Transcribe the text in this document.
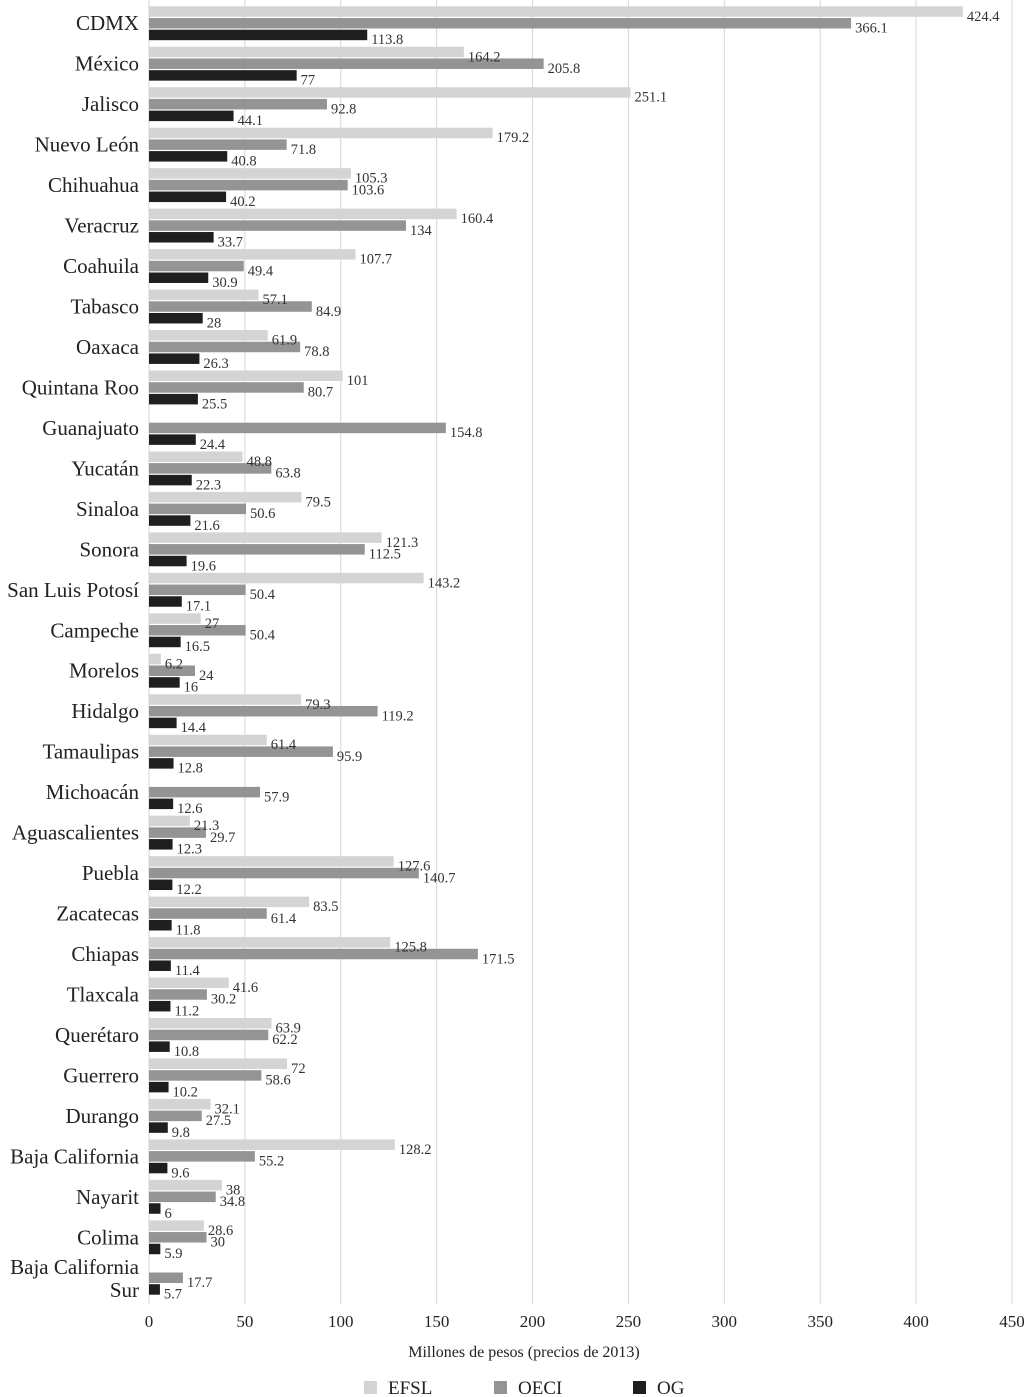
424.4
366.1
113.8
164.2
205.8
77
251.1
92.8
44.1
179.2
71.8
40.8
105.3
103.6
40.2
160.4
134
33.7
107.7
49.4
30.9
57.1
84.9
28
61.9
78.8
26.3
101
80.7
25.5
154.8
24.4
48.8
63.8
22.3
79.5
50.6
21.6
121.3
112.5
19.6
143.2
50.4
17.1
27
50.4
16.5
6.2
24
16
79.3
119.2
14.4
61.4
95.9
12.8
57.9
12.6
21.3
29.7
12.3
127.6
140.7
12.2
83.5
61.4
11.8
125.8
171.5
11.4
41.6
30.2
11.2
63.9
62.2
10.8
72
58.6
10.2
32.1
27.5
9.8
128.2
55.2
9.6
38
34.8
6
28.6
30
5.9
17.7
5.7
CDMX
México
Jalisco
Nuevo León
Chihuahua
Veracruz
Coahuila
Tabasco
Oaxaca
Quintana Roo
Guanajuato
Yucatán
Sinaloa
Sonora
San Luis Potosí
Campeche
Morelos
Hidalgo
Tamaulipas
Michoacán
Aguascalientes
Puebla
Zacatecas
Chiapas
Tlaxcala
Querétaro
Guerrero
Durango
Baja California
Nayarit
Colima
Baja California Sur
0	50	100	150	200	250	300	350	400	450
Millones de pesos (precios de 2013)
EFSL	OECI	OG
